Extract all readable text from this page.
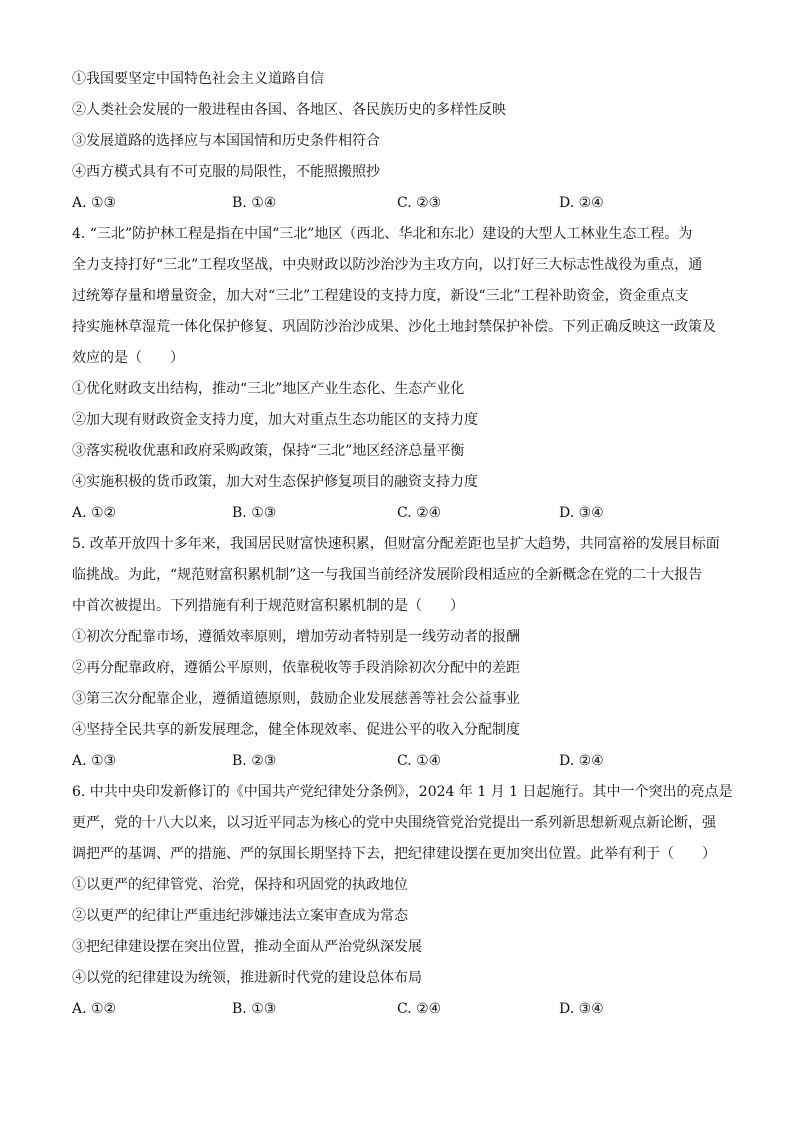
①我国要坚定中国特色社会主义道路自信
②人类社会发展的一般进程由各国、各地区、各民族历史的多样性反映
③发展道路的选择应与本国国情和历史条件相符合
④西方模式具有不可克服的局限性，不能照搬照抄
A. ①③	B. ①④	C. ②③	D. ②④
4. “三北”防护林工程是指在中国“三北”地区（西北、华北和东北）建设的大型人工林业生态工程。为
全力支持打好“三北”工程攻坚战，中央财政以防沙治沙为主攻方向，以打好三大标志性战役为重点，通
过统筹存量和增量资金，加大对“三北”工程建设的支持力度，新设“三北”工程补助资金，资金重点支
持实施林草湿荒一体化保护修复、巩固防沙治沙成果、沙化土地封禁保护补偿。下列正确反映这一政策及
效应的是（　　）
①优化财政支出结构，推动“三北”地区产业生态化、生态产业化
②加大现有财政资金支持力度，加大对重点生态功能区的支持力度
③落实税收优惠和政府采购政策，保持“三北”地区经济总量平衡
④实施积极的货币政策，加大对生态保护修复项目的融资支持力度
A. ①②	B. ①③	C. ②④	D. ③④
5. 改革开放四十多年来，我国居民财富快速积累，但财富分配差距也呈扩大趋势，共同富裕的发展目标面
临挑战。为此，“规范财富积累机制”这一与我国当前经济发展阶段相适应的全新概念在党的二十大报告
中首次被提出。下列措施有利于规范财富积累机制的是（　　）
①初次分配靠市场，遵循效率原则，增加劳动者特别是一线劳动者的报酬
②再分配靠政府，遵循公平原则，依靠税收等手段消除初次分配中的差距
③第三次分配靠企业，遵循道德原则，鼓励企业发展慈善等社会公益事业
④坚持全民共享的新发展理念，健全体现效率、促进公平的收入分配制度
A. ①③	B. ②③	C. ①④	D. ②④
6. 中共中央印发新修订的《中国共产党纪律处分条例》，2024 年 1 月 1 日起施行。其中一个突出的亮点是
更严，党的十八大以来，以习近平同志为核心的党中央围绕管党治党提出一系列新思想新观点新论断，强
调把严的基调、严的措施、严的氛围长期坚持下去，把纪律建设摆在更加突出位置。此举有利于（　　）
①以更严的纪律管党、治党，保持和巩固党的执政地位
②以更严的纪律让严重违纪涉嫌违法立案审查成为常态
③把纪律建设摆在突出位置，推动全面从严治党纵深发展
④以党的纪律建设为统领，推进新时代党的建设总体布局
A. ①②	B. ①③	C. ②④	D. ③④
